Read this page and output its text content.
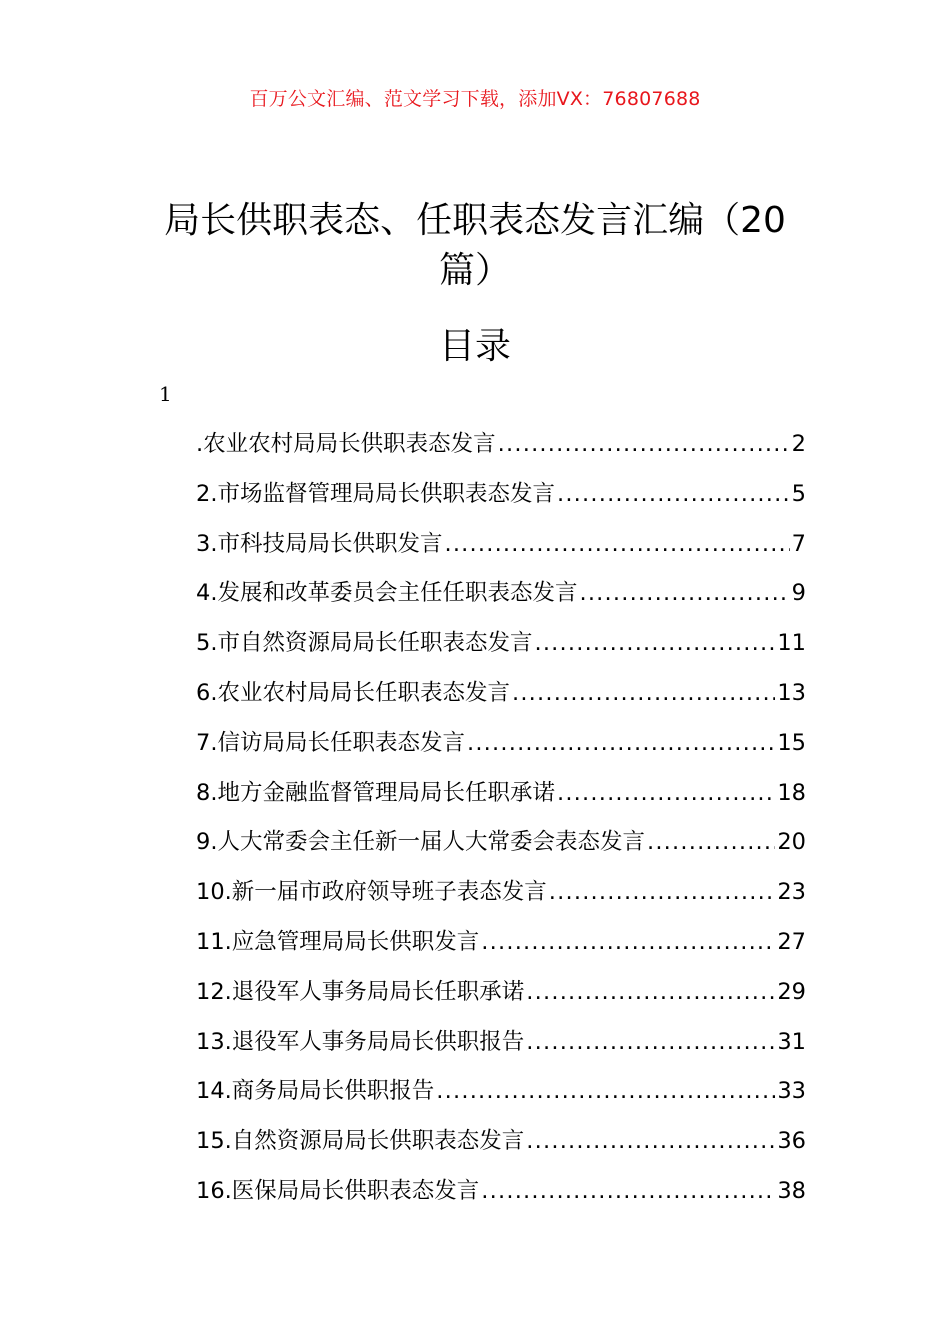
百万公文汇编、范文学习下载，添加VX：76807688
局长供职表态、任职表态发言汇编（20篇）
目录
1
.农业农村局局长供职表态发言 .....	2
2.市场监督管理局局长供职表态发言 .....	5
3.市科技局局长供职发言 .....	7
4.发展和改革委员会主任任职表态发言 .....	9
5.市自然资源局局长任职表态发言 .....	11
6.农业农村局局长任职表态发言 .....	13
7.信访局局长任职表态发言 .....	15
8.地方金融监督管理局局长任职承诺 .....	18
9.人大常委会主任新一届人大常委会表态发言 .....	20
10.新一届市政府领导班子表态发言 .....	23
11.应急管理局局长供职发言 .....	27
12.退役军人事务局局长任职承诺 .....	29
13.退役军人事务局局长供职报告 .....	31
14.商务局局长供职报告 .....	33
15.自然资源局局长供职表态发言 .....	36
16.医保局局长供职表态发言 .....	38
